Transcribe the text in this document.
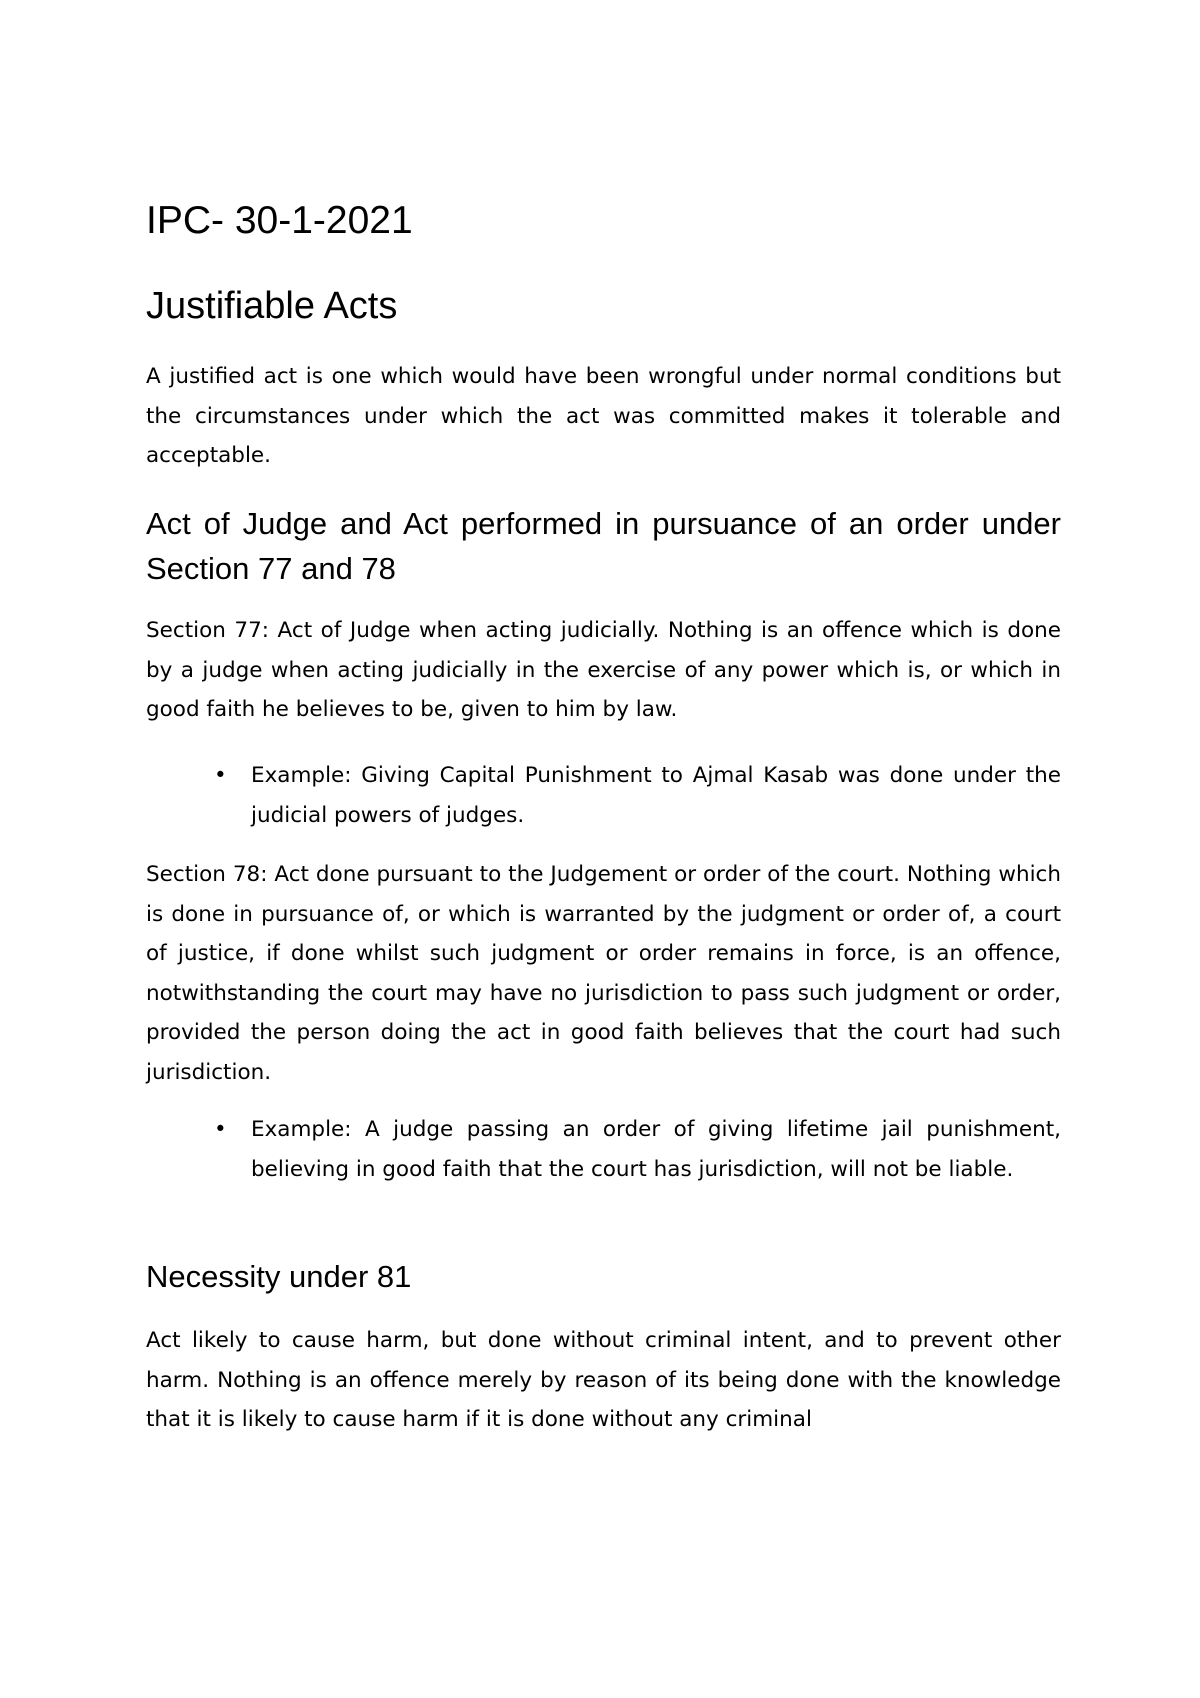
IPC- 30-1-2021
Justifiable Acts

A justified act is one which would have been wrongful under normal conditions but the circumstances under which the act was committed makes it tolerable and acceptable.

Act of Judge and Act performed in pursuance of an order under Section 77 and 78

Section 77: Act of Judge when acting judicially. Nothing is an offence which is done by a judge when acting judicially in the exercise of any power which is, or which in good faith he believes to be, given to him by law.

• Example: Giving Capital Punishment to Ajmal Kasab was done under the judicial powers of judges.

Section 78: Act done pursuant to the Judgement or order of the court. Nothing which is done in pursuance of, or which is warranted by the judgment or order of, a court of justice, if done whilst such judgment or order remains in force, is an offence, notwithstanding the court may have no jurisdiction to pass such judgment or order, provided the person doing the act in good faith believes that the court had such jurisdiction.

• Example: A judge passing an order of giving lifetime jail punishment, believing in good faith that the court has jurisdiction, will not be liable.

Necessity under 81

Act likely to cause harm, but done without criminal intent, and to prevent other harm. Nothing is an offence merely by reason of its being done with the knowledge that it is likely to cause harm if it is done without any criminal
